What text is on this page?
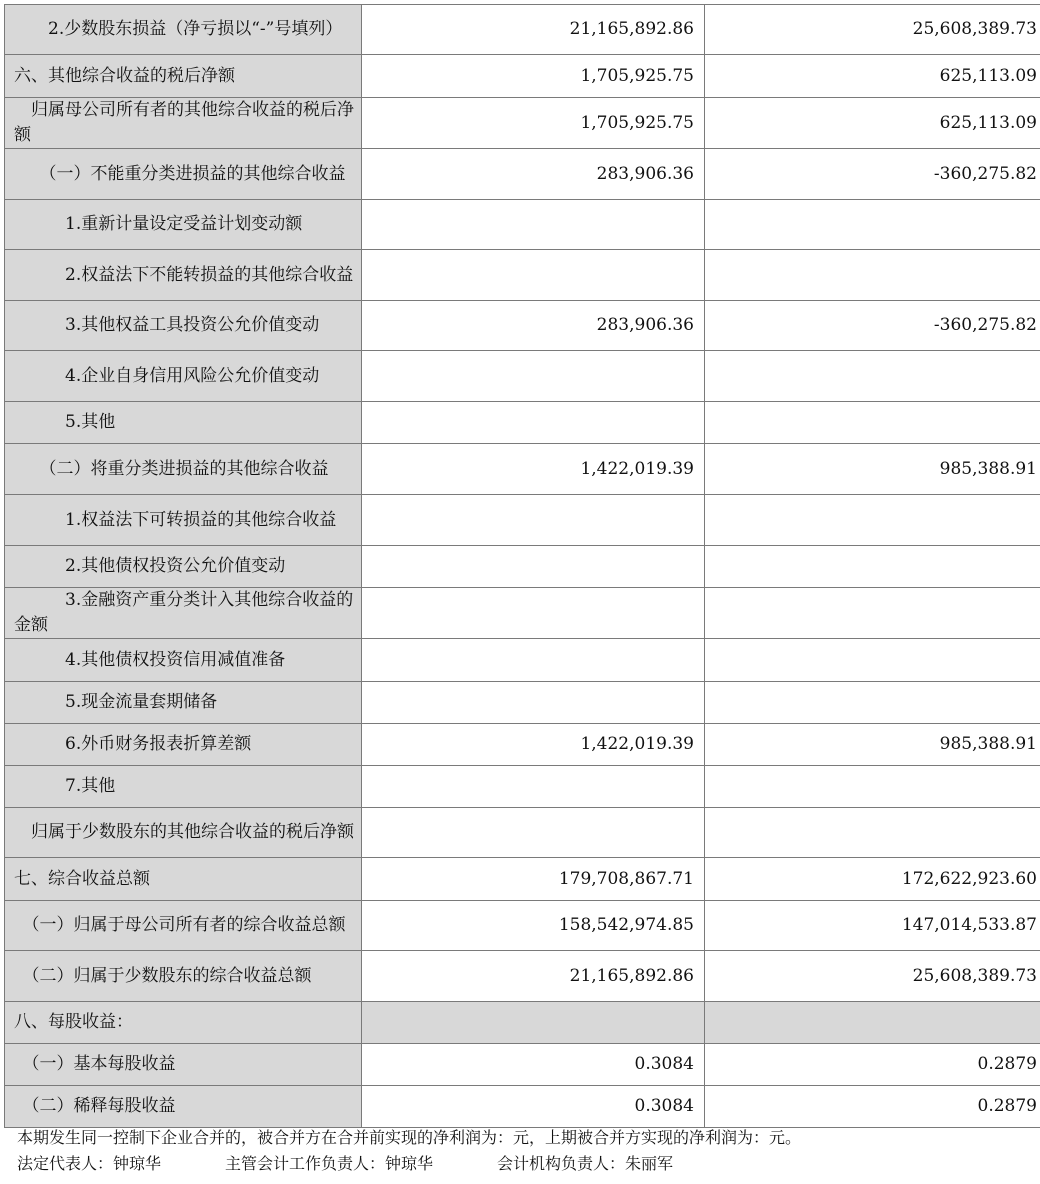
　　2.少数股东损益（净亏损以“-”号填列）	21,165,892.86	25,608,389.73
六、其他综合收益的税后净额	1,705,925.75	625,113.09
　归属母公司所有者的其他综合收益的税后净额	1,705,925.75	625,113.09
　　（一）不能重分类进损益的其他综合收益	283,906.36	-360,275.82
　　　1.重新计量设定受益计划变动额		
　　　2.权益法下不能转损益的其他综合收益		
　　　3.其他权益工具投资公允价值变动	283,906.36	-360,275.82
　　　4.企业自身信用风险公允价值变动		
　　　5.其他		
　　（二）将重分类进损益的其他综合收益	1,422,019.39	985,388.91
　　　1.权益法下可转损益的其他综合收益		
　　　2.其他债权投资公允价值变动		
　　　3.金融资产重分类计入其他综合收益的金额		
　　　4.其他债权投资信用减值准备		
　　　5.现金流量套期储备		
　　　6.外币财务报表折算差额	1,422,019.39	985,388.91
　　　7.其他		
　归属于少数股东的其他综合收益的税后净额		
七、综合收益总额	179,708,867.71	172,622,923.60
　（一）归属于母公司所有者的综合收益总额	158,542,974.85	147,014,533.87
　（二）归属于少数股东的综合收益总额	21,165,892.86	25,608,389.73
八、每股收益：		
　（一）基本每股收益	0.3084	0.2879
　（二）稀释每股收益	0.3084	0.2879
本期发生同一控制下企业合并的，被合并方在合并前实现的净利润为：元，上期被合并方实现的净利润为：元。
法定代表人：钟琼华　　　　主管会计工作负责人：钟琼华　　　　会计机构负责人：朱丽军
